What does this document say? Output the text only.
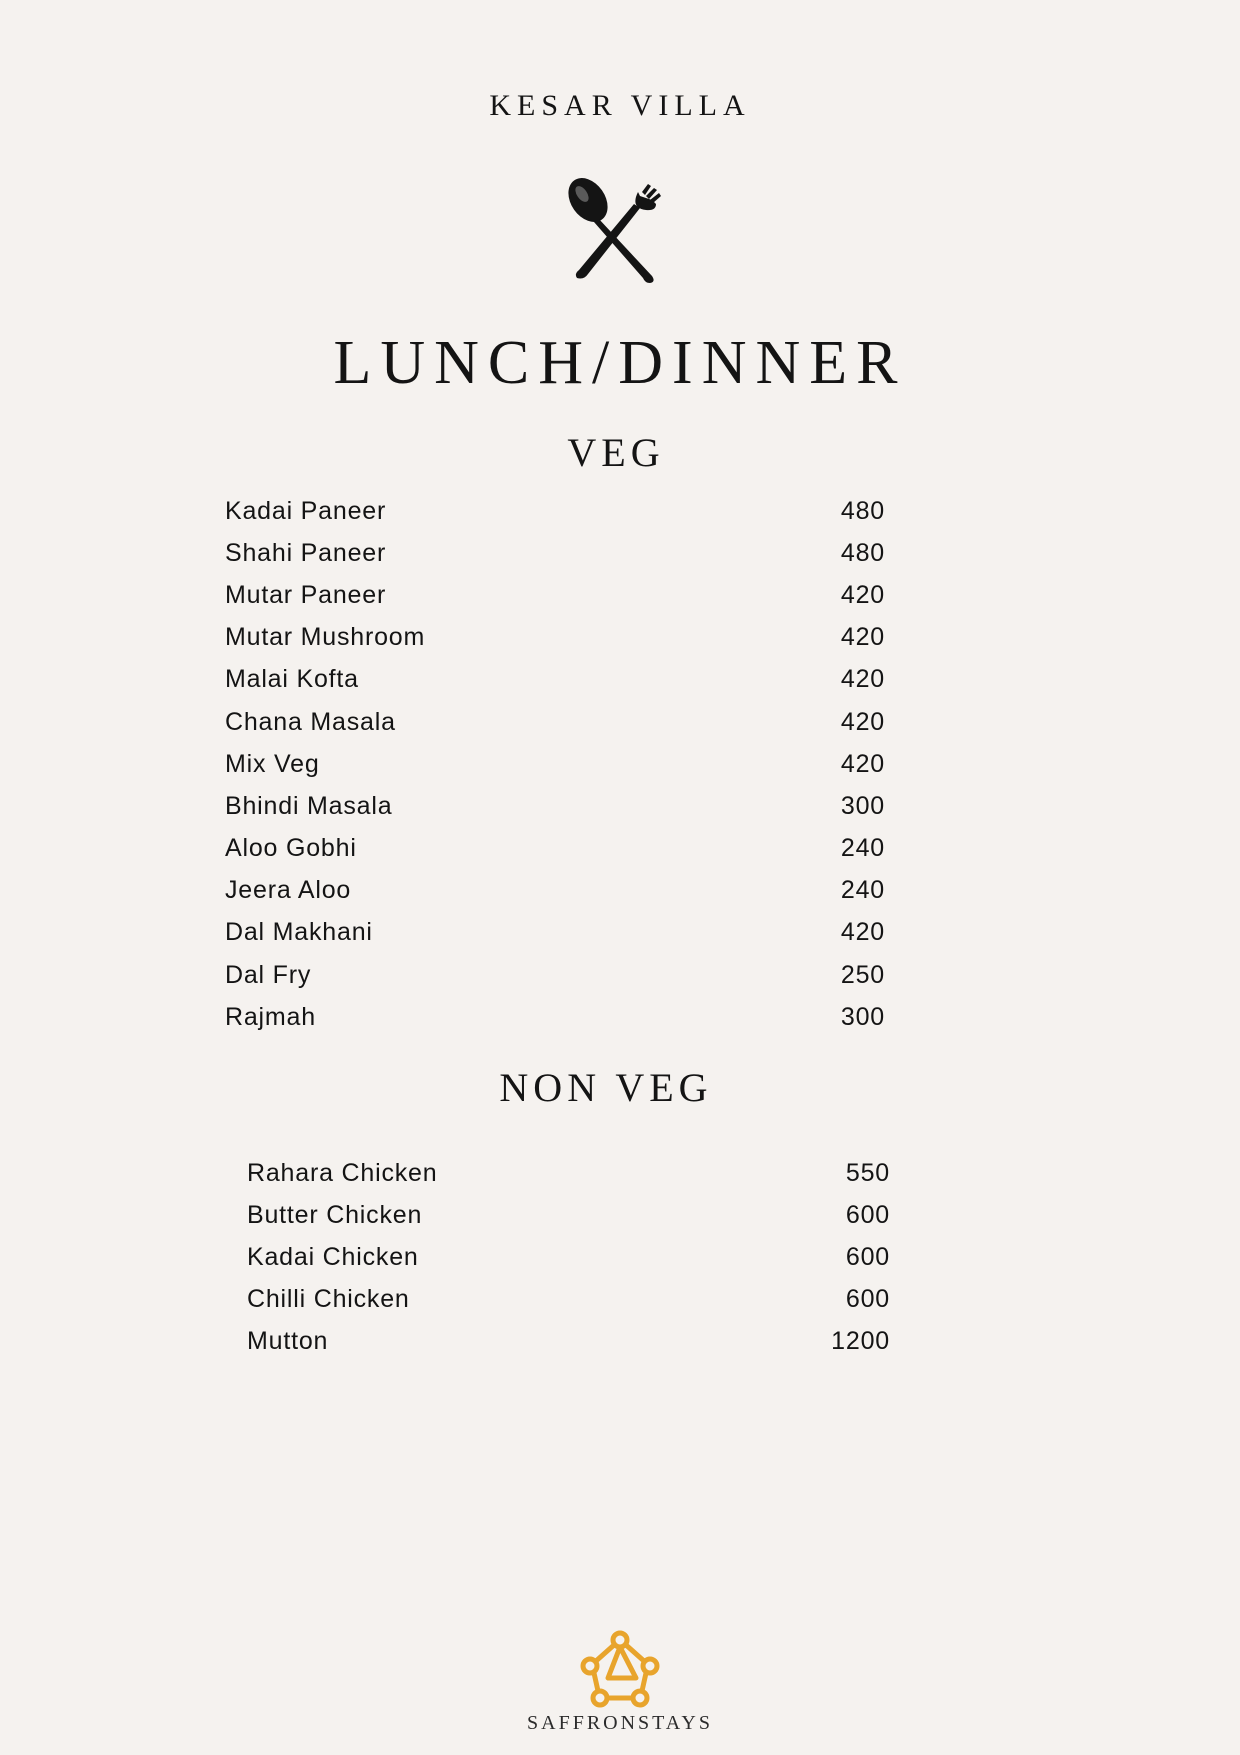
KESAR VILLA
LUNCH/DINNER
VEG
Kadai Paneer	480
Shahi Paneer	480
Mutar Paneer	420
Mutar Mushroom	420
Malai Kofta	420
Chana Masala	420
Mix Veg	420
Bhindi Masala	300
Aloo Gobhi	240
Jeera Aloo	240
Dal Makhani	420
Dal Fry	250
Rajmah	300
NON VEG
Rahara Chicken	550
Butter Chicken	600
Kadai Chicken	600
Chilli Chicken	600
Mutton	1200
SAFFRONSTAYS
